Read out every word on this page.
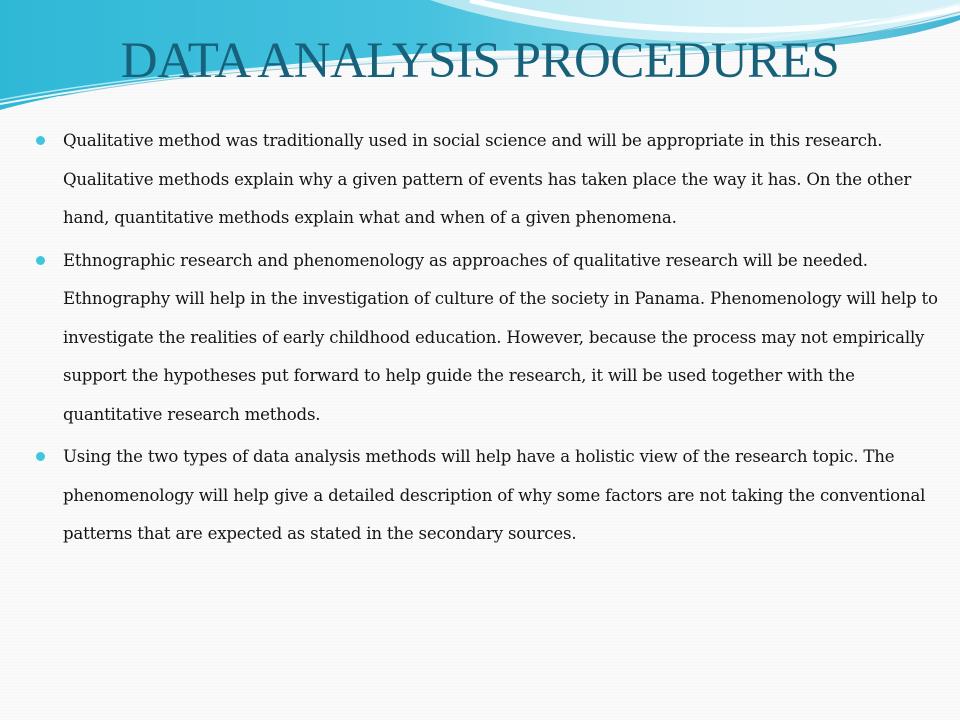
DATA ANALYSIS PROCEDURES
Qualitative method was traditionally used in social science and will be appropriate in this research. Qualitative methods explain why a given pattern of events has taken place the way it has. On the other hand, quantitative methods explain what and when of a given phenomena.
Ethnographic research and phenomenology as approaches of qualitative research will be needed. Ethnography will help in the investigation of culture of the society in Panama. Phenomenology will help to investigate the realities of early childhood education. However, because the process may not empirically support the hypotheses put forward to help guide the research, it will be used together with the quantitative research methods.
Using the two types of data analysis methods will help have a holistic view of the research topic. The phenomenology will help give a detailed description of why some factors are not taking the conventional patterns that are expected as stated in the secondary sources.
